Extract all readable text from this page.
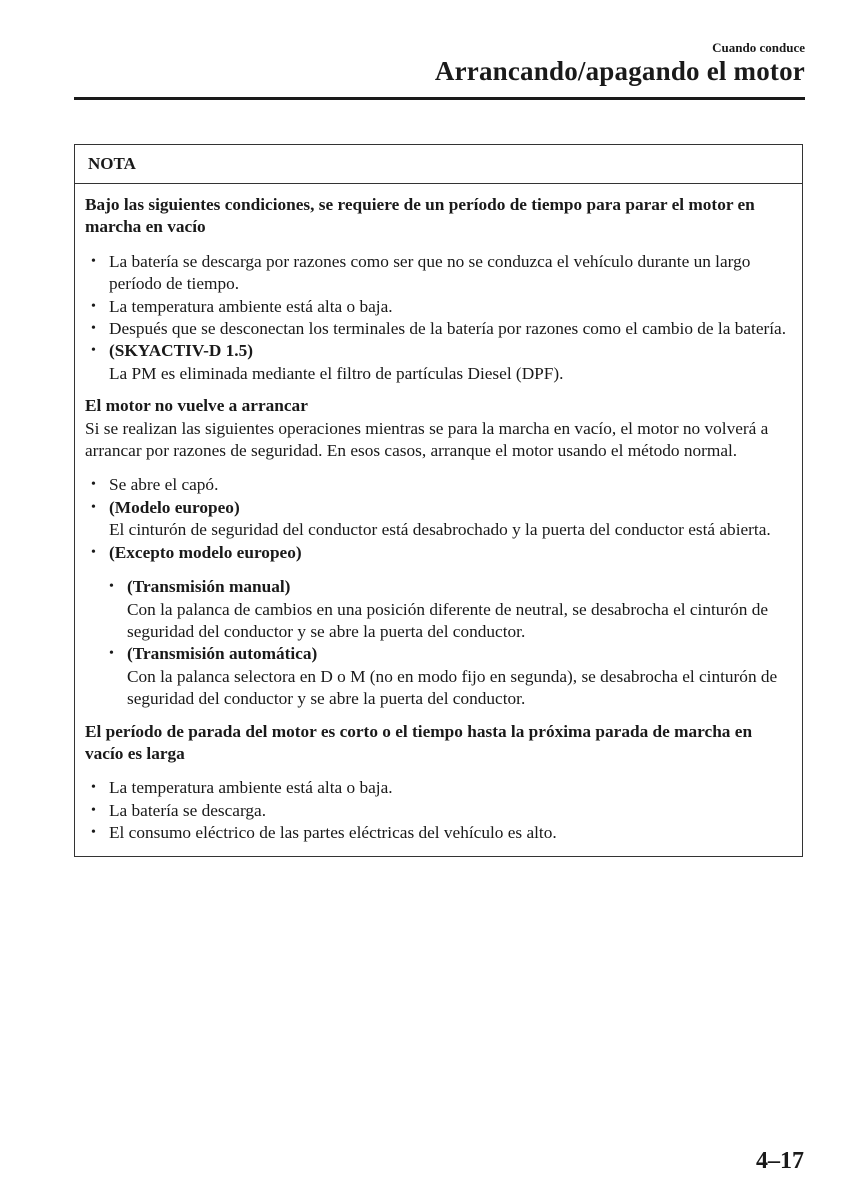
Cuando conduce
Arrancando/apagando el motor
NOTA

Bajo las siguientes condiciones, se requiere de un período de tiempo para parar el motor en marcha en vacío

• La batería se descarga por razones como ser que no se conduzca el vehículo durante un largo período de tiempo.
• La temperatura ambiente está alta o baja.
• Después que se desconectan los terminales de la batería por razones como el cambio de la batería.
• (SKYACTIV-D 1.5)
La PM es eliminada mediante el filtro de partículas Diesel (DPF).

El motor no vuelve a arrancar

Si se realizan las siguientes operaciones mientras se para la marcha en vacío, el motor no volverá a arrancar por razones de seguridad. En esos casos, arranque el motor usando el método normal.

• Se abre el capó.
• (Modelo europeo)
El cinturón de seguridad del conductor está desabrochado y la puerta del conductor está abierta.
• (Excepto modelo europeo)
• (Transmisión manual)
Con la palanca de cambios en una posición diferente de neutral, se desabrocha el cinturón de seguridad del conductor y se abre la puerta del conductor.
• (Transmisión automática)
Con la palanca selectora en D o M (no en modo fijo en segunda), se desabrocha el cinturón de seguridad del conductor y se abre la puerta del conductor.

El período de parada del motor es corto o el tiempo hasta la próxima parada de marcha en vacío es larga

• La temperatura ambiente está alta o baja.
• La batería se descarga.
• El consumo eléctrico de las partes eléctricas del vehículo es alto.
4–17
